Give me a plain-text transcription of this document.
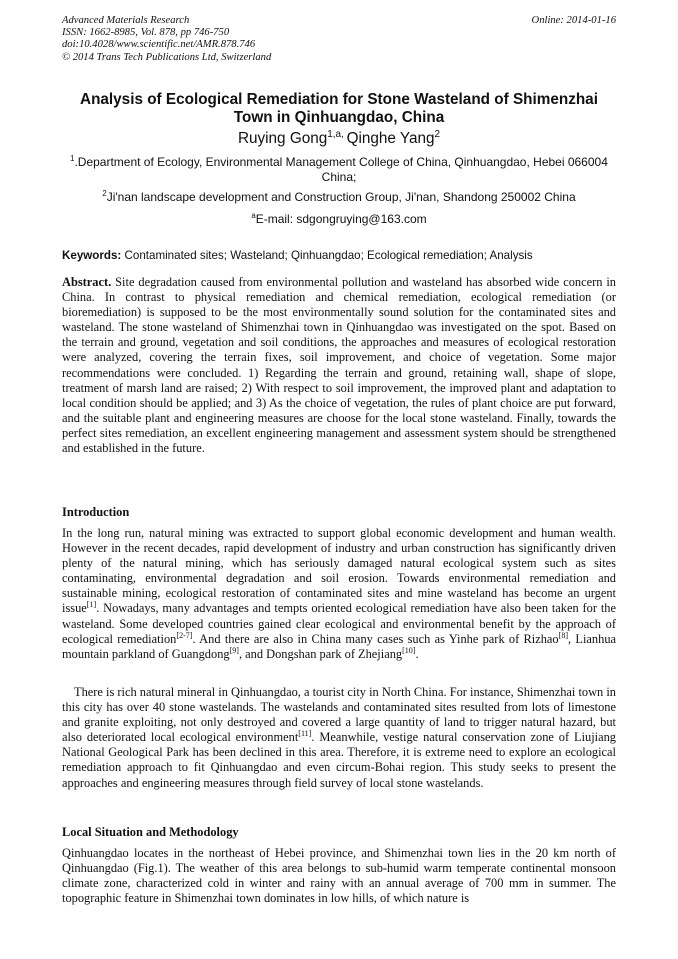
Advanced Materials Research
ISSN: 1662-8985, Vol. 878, pp 746-750
doi:10.4028/www.scientific.net/AMR.878.746
© 2014 Trans Tech Publications Ltd, Switzerland
Online: 2014-01-16
Analysis of Ecological Remediation for Stone Wasteland of Shimenzhai Town in Qinhuangdao, China
Ruying Gong$^{1,a,}$ Qinghe Yang$^2$
$^1$.Department of Ecology, Environmental Management College of China, Qinhuangdao, Hebei 066004 China;
$^2$Ji'nan landscape development and Construction Group, Ji'nan, Shandong 250002 China
$^a$E-mail: sdgongruying@163.com
Keywords: Contaminated sites; Wasteland; Qinhuangdao; Ecological remediation; Analysis
Abstract. Site degradation caused from environmental pollution and wasteland has absorbed wide concern in China. In contrast to physical remediation and chemical remediation, ecological remediation (or bioremediation) is supposed to be the most environmentally sound solution for the contaminated sites and wasteland. The stone wasteland of Shimenzhai town in Qinhuangdao was investigated on the spot. Based on the terrain and ground, vegetation and soil conditions, the approaches and measures of ecological restoration were analyzed, covering the terrain fixes, soil improvement, and choice of vegetation. Some major recommendations were concluded. 1) Regarding the terrain and ground, retaining wall, shape of slope, treatment of marsh land are raised; 2) With respect to soil improvement, the improved plant and adaptation to local condition should be applied; and 3) As the choice of vegetation, the rules of plant choice are put forward, and the suitable plant and engineering measures are choose for the local stone wasteland. Finally, towards the perfect sites remediation, an excellent engineering management and assessment system should be strengthened and established in the future.
Introduction
In the long run, natural mining was extracted to support global economic development and human wealth. However in the recent decades, rapid development of industry and urban construction has significantly driven plenty of the natural mining, which has seriously damaged natural ecological system such as sites contaminating, environmental degradation and soil erosion. Towards environmental remediation and sustainable mining, ecological restoration of contaminated sites and mine wasteland has become an urgent issue[1]. Nowadays, many advantages and tempts oriented ecological remediation have also been taken for the wasteland. Some developed countries gained clear ecological and environmental benefit by the approach of ecological remediation[2-7]. And there are also in China many cases such as Yinhe park of Rizhao[8], Lianhua mountain parkland of Guangdong[9], and Dongshan park of Zhejiang[10].
There is rich natural mineral in Qinhuangdao, a tourist city in North China. For instance, Shimenzhai town in this city has over 40 stone wastelands. The wastelands and contaminated sites resulted from lots of limestone and granite exploiting, not only destroyed and covered a large quantity of land to trigger natural hazard, but also deteriorated local ecological environment[11]. Meanwhile, vestige natural conservation zone of Liujiang National Geological Park has been declined in this area. Therefore, it is extreme need to explore an ecological remediation approach to fit Qinhuangdao and even circum-Bohai region. This study seeks to present the approaches and engineering measures through field survey of local stone wastelands.
Local Situation and Methodology
Qinhuangdao locates in the northeast of Hebei province, and Shimenzhai town lies in the 20 km north of Qinhuangdao (Fig.1). The weather of this area belongs to sub-humid warm temperate continental monsoon climate zone, characterized cold in winter and rainy with an annual average of 700 mm in summer. The topographic feature in Shimenzhai town dominates in low hills, of which nature is
